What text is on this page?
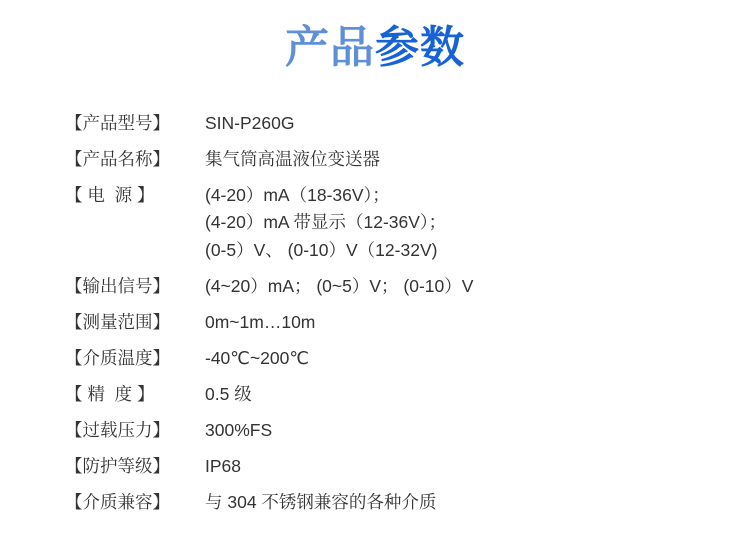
产品参数
【产品型号】	SIN-P260G
【产品名称】	集气筒高温液位变送器
【 电  源 】	(4-20）mA（18-36V）；
(4-20）mA 带显示（12-36V）；
(0-5）V、 (0-10）V（12-32V)
【输出信号】	(4~20）mA； (0~5）V； (0-10）V
【测量范围】	0m~1m…10m
【介质温度】	-40℃~200℃
【 精  度 】	0.5 级
【过载压力】	300%FS
【防护等级】	IP68
【介质兼容】	与 304 不锈钢兼容的各种介质
